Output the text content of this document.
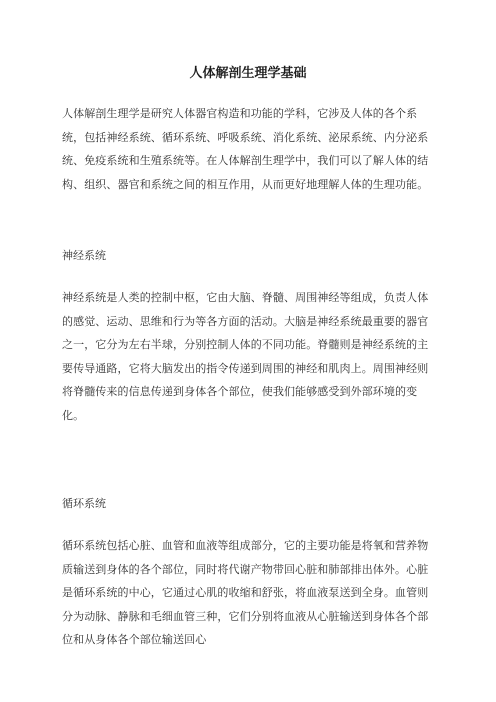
人体解剖生理学基础

人体解剖生理学是研究人体器官构造和功能的学科，它涉及人体的各个系统，包括神经系统、循环系统、呼吸系统、消化系统、泌尿系统、内分泌系统、免疫系统和生殖系统等。在人体解剖生理学中，我们可以了解人体的结构、组织、器官和系统之间的相互作用，从而更好地理解人体的生理功能。

神经系统

神经系统是人类的控制中枢，它由大脑、脊髓、周围神经等组成，负责人体的感觉、运动、思维和行为等各方面的活动。大脑是神经系统最重要的器官之一，它分为左右半球，分别控制人体的不同功能。脊髓则是神经系统的主要传导通路，它将大脑发出的指令传递到周围的神经和肌肉上。周围神经则将脊髓传来的信息传递到身体各个部位，使我们能够感受到外部环境的变化。

循环系统

循环系统包括心脏、血管和血液等组成部分，它的主要功能是将氧和营养物质输送到身体的各个部位，同时将代谢产物带回心脏和肺部排出体外。心脏是循环系统的中心，它通过心肌的收缩和舒张，将血液泵送到全身。血管则分为动脉、静脉和毛细血管三种，它们分别将血液从心脏输送到身体各个部位和从身体各个部位输送回心
